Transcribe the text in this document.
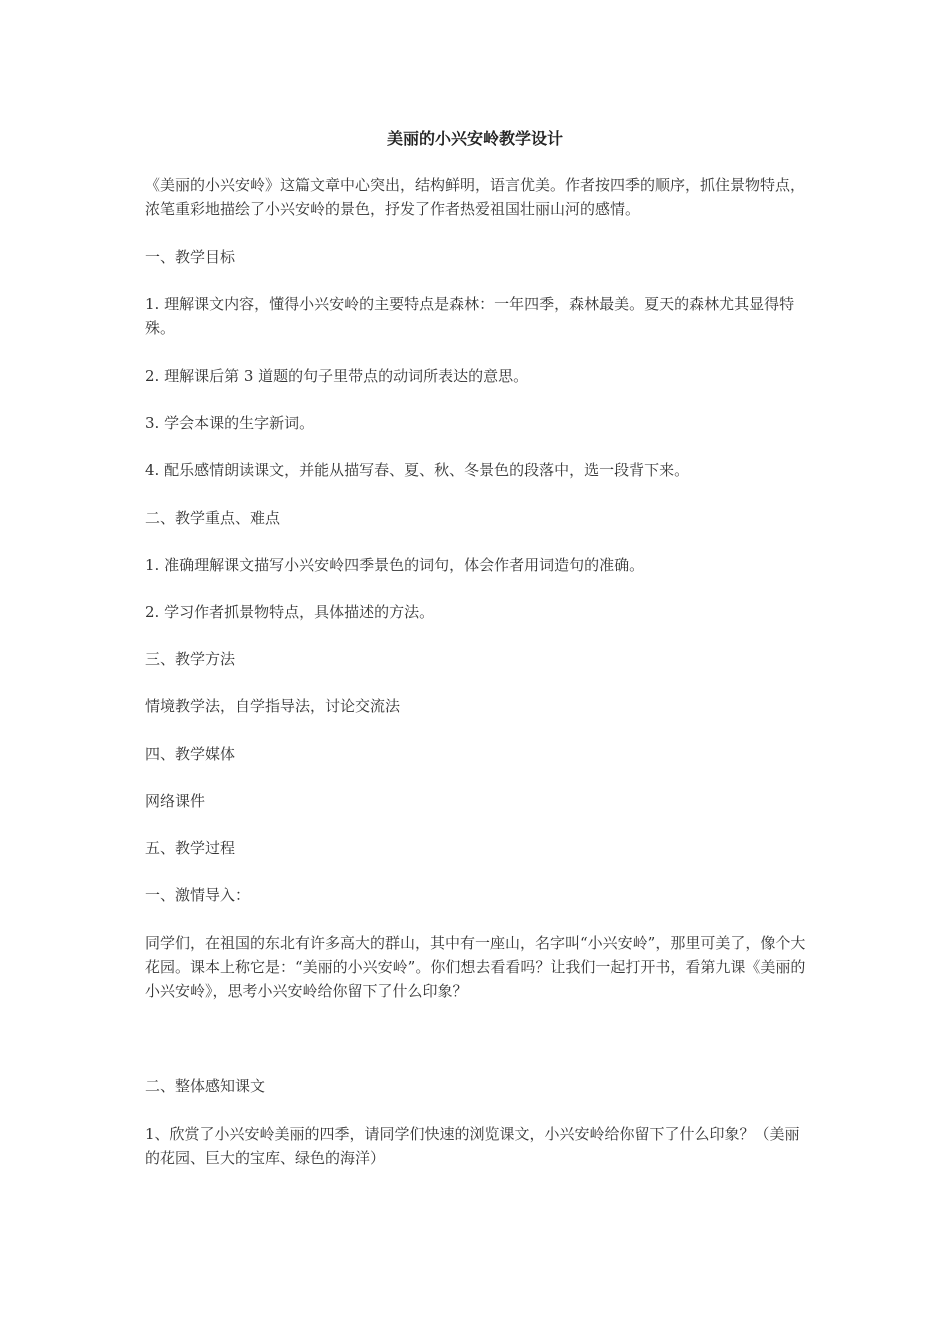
美丽的小兴安岭教学设计

《美丽的小兴安岭》这篇文章中心突出，结构鲜明，语言优美。作者按四季的顺序，抓住景物特点，浓笔重彩地描绘了小兴安岭的景色，抒发了作者热爱祖国壮丽山河的感情。

一、教学目标

1. 理解课文内容，懂得小兴安岭的主要特点是森林：一年四季，森林最美。夏天的森林尤其显得特殊。

2. 理解课后第 3 道题的句子里带点的动词所表达的意思。

3. 学会本课的生字新词。

4. 配乐感情朗读课文，并能从描写春、夏、秋、冬景色的段落中，选一段背下来。

二、教学重点、难点

1. 准确理解课文描写小兴安岭四季景色的词句，体会作者用词造句的准确。

2. 学习作者抓景物特点，具体描述的方法。

三、教学方法

情境教学法，自学指导法，讨论交流法

四、教学媒体

网络课件

五、教学过程

一、激情导入：

同学们，在祖国的东北有许多高大的群山，其中有一座山，名字叫“小兴安岭”，那里可美了，像个大花园。课本上称它是：“美丽的小兴安岭”。你们想去看看吗？让我们一起打开书，看第九课《美丽的小兴安岭》，思考小兴安岭给你留下了什么印象？

二、整体感知课文

1、欣赏了小兴安岭美丽的四季，请同学们快速的浏览课文，小兴安岭给你留下了什么印象？（美丽的花园、巨大的宝库、绿色的海洋）
